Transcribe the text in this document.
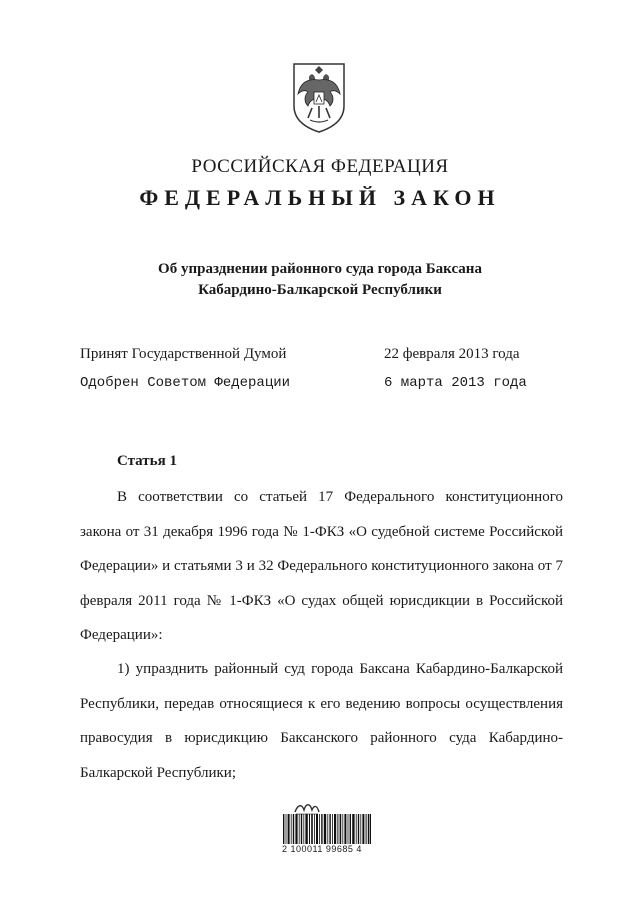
РОССИЙСКАЯ ФЕДЕРАЦИЯ
ФЕДЕРАЛЬНЫЙ ЗАКОН
Об упразднении районного суда города Баксана
Кабардино-Балкарской Республики
Принят Государственной Думой	22 февраля 2013 года
Одобрен Советом Федерации	6 марта 2013 года
Статья 1

В соответствии со статьей 17 Федерального конституционного закона от 31 декабря 1996 года № 1-ФКЗ «О судебной системе Российской Федерации» и статьями 3 и 32 Федерального конституционного закона от 7 февраля 2011 года № 1-ФКЗ «О судах общей юрисдикции в Российской Федерации»:

1) упразднить районный суд города Баксана Кабардино-Балкарской Республики, передав относящиеся к его ведению вопросы осуществления правосудия в юрисдикцию Баксанского районного суда Кабардино-Балкарской Республики;

2 100011 99685 4
